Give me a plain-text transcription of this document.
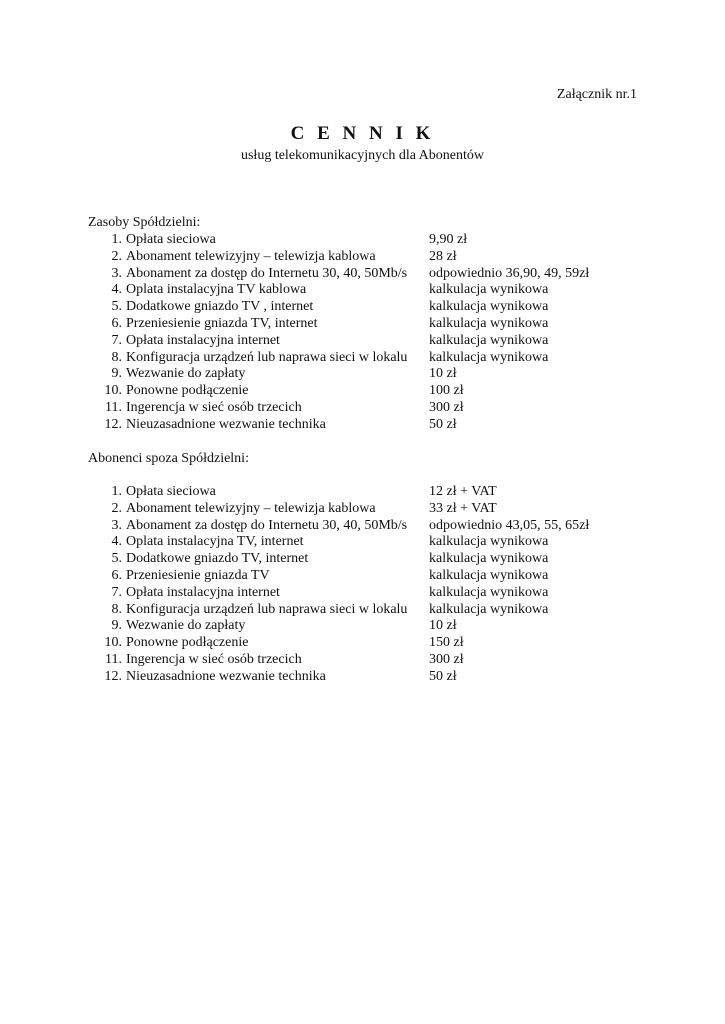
Załącznik nr.1
C E N N I K
usług telekomunikacyjnych dla Abonentów
Zasoby Spółdzielni:
1. Opłata sieciowa	9,90 zł
2. Abonament telewizyjny – telewizja kablowa	28 zł
3. Abonament za dostęp do Internetu 30, 40, 50Mb/s	odpowiednio 36,90, 49, 59zł
4. Oplata instalacyjna TV kablowa	kalkulacja wynikowa
5. Dodatkowe gniazdo TV , internet	kalkulacja wynikowa
6. Przeniesienie gniazda TV, internet	kalkulacja wynikowa
7. Opłata instalacyjna internet	kalkulacja wynikowa
8. Konfiguracja urządzeń lub naprawa sieci w lokalu	kalkulacja wynikowa
9. Wezwanie do zapłaty	10 zł
10. Ponowne podłączenie	100 zł
11. Ingerencja w sieć osób trzecich	300 zł
12. Nieuzasadnione wezwanie technika	50 zł
Abonenci spoza Spółdzielni:
1. Opłata sieciowa	12 zł + VAT
2. Abonament telewizyjny – telewizja kablowa	33 zł + VAT
3. Abonament za dostęp do Internetu 30, 40, 50Mb/s	odpowiednio 43,05, 55, 65zł
4. Oplata instalacyjna TV, internet	kalkulacja wynikowa
5. Dodatkowe gniazdo TV, internet	kalkulacja wynikowa
6. Przeniesienie gniazda TV	kalkulacja wynikowa
7. Opłata instalacyjna internet	kalkulacja wynikowa
8. Konfiguracja urządzeń lub naprawa sieci w lokalu	kalkulacja wynikowa
9. Wezwanie do zapłaty	10 zł
10. Ponowne podłączenie	150 zł
11. Ingerencja w sieć osób trzecich	300 zł
12. Nieuzasadnione wezwanie technika	50 zł
